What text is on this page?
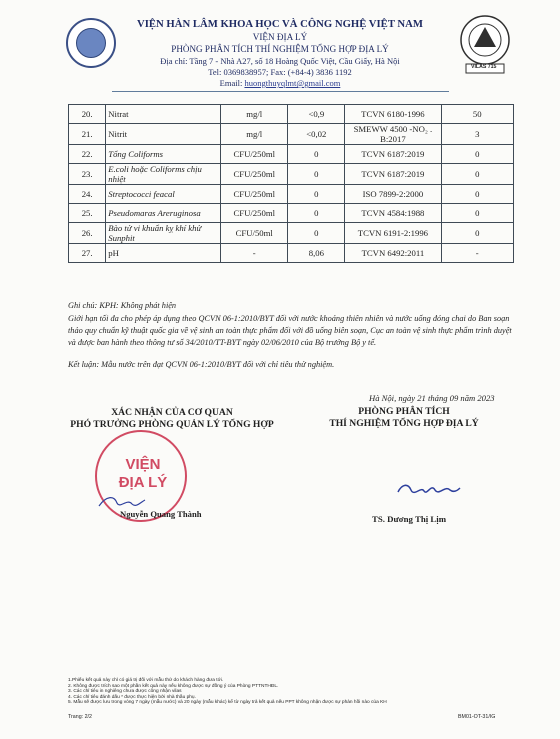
VILAS 715
VIỆN HÀN LÂM KHOA HỌC VÀ CÔNG NGHỆ VIỆT NAM
VIỆN ĐỊA LÝ
PHÒNG PHÂN TÍCH THÍ NGHIỆM TỔNG HỢP ĐỊA LÝ
Địa chỉ: Tầng 7 - Nhà A27, số 18 Hoàng Quốc Việt, Cầu Giấy, Hà Nội
Tel: 0369838957; Fax: (+84-4) 3836 1192
Email: huongthuyqlmt@gmail.com
20.	Nitrat	mg/l	<0,9	TCVN 6180-1996	50
21.	Nitrit	mg/l	<0,02	SMEWW 4500 -NO₂ . B:2017	3
22.	Tổng Coliforms	CFU/250ml	0	TCVN 6187:2019	0
23.	E.coli hoặc Coliforms chịu nhiệt	CFU/250ml	0	TCVN 6187:2019	0
24.	Streptococci feacal	CFU/250ml	0	ISO 7899-2:2000	0
25.	Pseudomaras Areruginosa	CFU/250ml	0	TCVN 4584:1988	0
26.	Bào tử vi khuẩn kỵ khí khử Sunphit	CFU/50ml	0	TCVN 6191-2:1996	0
27.	pH	-	8,06	TCVN 6492:2011	-
Ghi chú: KPH: Không phát hiện
Giới hạn tối đa cho phép áp dụng theo QCVN 06-1:2010/BYT đối với nước khoáng thiên nhiên và nước uống đóng chai do Ban soạn thảo quy chuẩn kỹ thuật quốc gia về vệ sinh an toàn thực phẩm đối với đồ uống biên soạn, Cục an toàn vệ sinh thực phẩm trình duyệt và được ban hành theo thông tư số 34/2010/TT-BYT ngày 02/06/2010 của Bộ trưởng Bộ y tế.
Kết luận: Mẫu nước trên đạt QCVN 06-1:2010/BYT đối với chỉ tiêu thử nghiệm.
Hà Nội, ngày 21 tháng 09 năm 2023
XÁC NHẬN CỦA CƠ QUAN
PHÓ TRƯỞNG PHÒNG QUẢN LÝ TỔNG HỢP
PHÒNG PHÂN TÍCH
THÍ NGHIỆM TỔNG HỢP ĐỊA LÝ
VIỆN ĐỊA LÝ
Nguyễn Quang Thành	TS. Dương Thị Lịm
1.Phiếu kết quả này chỉ có giá trị đối với mẫu thử do khách hàng đưa tới.
2. Không được trích sao một phần kết quả này nếu không được sự đồng ý của Phòng PTTNTHĐL.
3. Các chỉ tiêu in nghiêng chưa được công nhận vilas
4. Các chỉ tiêu đánh dấu * được thực hiện bởi nhà thầu phụ.
5. Mẫu sẽ được lưu trong vòng 7 ngày (mẫu nước) và 20 ngày (mẫu khác) kể từ ngày trả kết quả nếu PPT không nhận được sự phàn hồi nào của KH
Trang: 2/2	BM01-OT-31/IG
